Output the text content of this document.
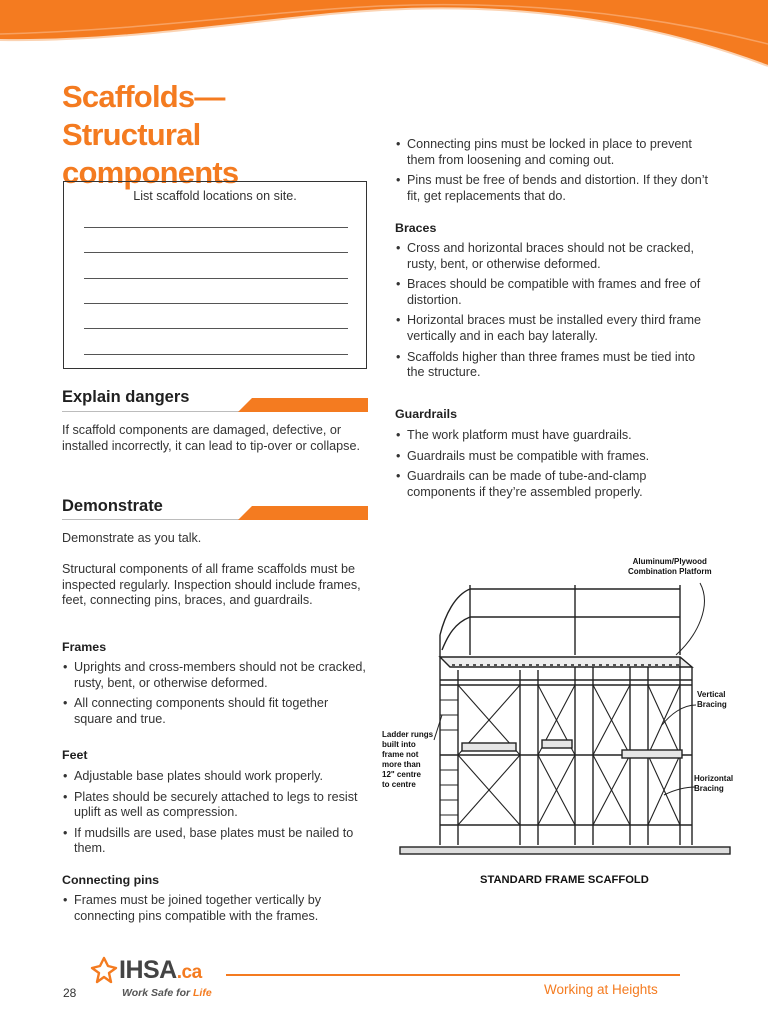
Scaffolds—Structural
components
List scaffold locations on site.
Explain dangers

If scaffold components are damaged, defective, or installed incorrectly, it can lead to tip-over or collapse.

Demonstrate

Demonstrate as you talk.

Structural components of all frame scaffolds must be inspected regularly. Inspection should include frames, feet, connecting pins, braces, and guardrails.

Frames
• Uprights and cross-members should not be cracked, rusty, bent, or otherwise deformed.
• All connecting components should fit together square and true.
Feet
• Adjustable base plates should work properly.
• Plates should be securely attached to legs to resist uplift as well as compression.
• If mudsills are used, base plates must be nailed to them.
Connecting pins
• Frames must be joined together vertically by connecting pins compatible with the frames.
• Connecting pins must be locked in place to prevent them from loosening and coming out.
• Pins must be free of bends and distortion. If they don’t fit, get replacements that do.
Braces
• Cross and horizontal braces should not be cracked, rusty, bent, or otherwise deformed.
• Braces should be compatible with frames and free of distortion.
• Horizontal braces must be installed every third frame vertically and in each bay laterally.
• Scaffolds higher than three frames must be tied into the structure.
Guardrails
• The work platform must have guardrails.
• Guardrails must be compatible with frames.
• Guardrails can be made of tube-and-clamp components if they’re assembled properly.
Aluminum/Plywood
Combination Platform
Vertical
Bracing
Horizontal
Bracing
Ladder rungs
built into
frame not
more than
12" centre
to centre
STANDARD FRAME SCAFFOLD
IHSA.ca
Work Safe for Life	Working at Heights
28
